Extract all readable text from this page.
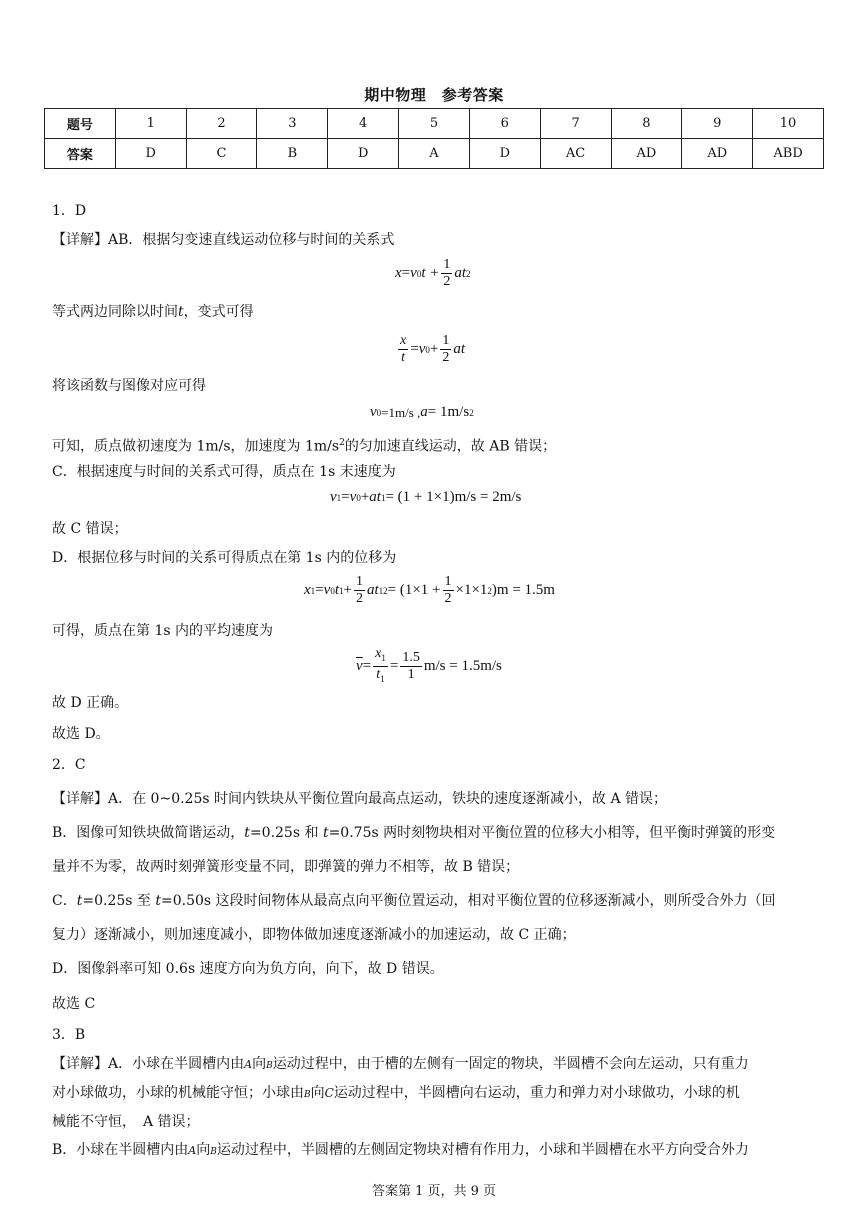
期中物理　参考答案
题号	1	2	3	4	5	6	7	8	9	10
答案	D	C	B	D	A	D	AC	AD	AD	ABD
1．D
【详解】AB．根据匀变速直线运动位移与时间的关系式
x = v 0 $t + \frac{1}{2}$ at 2
等式两边同除以时间t，变式可得
$\frac{x}{t} = v$ $0 + \frac{1}{2}$ at
将该函数与图像对应可得
v 0 =1m/s , a = 1m/s 2
可知，质点做初速度为 1m/s，加速度为 $1m/s^2$的匀加速直线运动，故 AB 错误；
C．根据速度与时间的关系式可得，质点在 1s 末速度为
v 1 = v 0 + a t 1 = (1 + 1×1)m/s = 2m/s
故 C 错误；
D．根据位移与时间的关系可得质点在第 1s 内的位移为
x 1 = v 0 t $1 + \frac{1}{2}$ a t 1 $2 = (1\times 1 + \frac{1}{2} \times 1\times 1$ 2 )m = 1.5m
可得，质点在第 1s 内的平均速度为
$\overline{v} = \frac{x_1}{t_1} = \frac{1.5}{1} m/s = 1.5m/s$
故 D 正确。
故选 D。
2．C
【详解】A．在 0~0.25s 时间内铁块从平衡位置向最高点运动，铁块的速度逐渐减小，故 A 错误；
B．图像可知铁块做简谐运动，t=0.25s 和 t=0.75s 两时刻物块相对平衡位置的位移大小相等，但平衡时弹簧的形变
量并不为零，故两时刻弹簧形变量不同，即弹簧的弹力不相等，故 B 错误；
C．t=0.25s 至 t=0.50s 这段时间物体从最高点向平衡位置运动，相对平衡位置的位移逐渐减小，则所受合外力（回
复力）逐渐减小，则加速度减小，即物体做加速度逐渐减小的加速运动，故 C 正确；
D．图像斜率可知 0.6s 速度方向为负方向，向下，故 D 错误。
故选 C
3．B
【详解】A．小球在半圆槽内由A向B运动过程中，由于槽的左侧有一固定的物块，半圆槽不会向左运动，只有重力
对小球做功，小球的机械能守恒；小球由B向C运动过程中，半圆槽向右运动，重力和弹力对小球做功，小球的机
械能不守恒，　A 错误；
B．小球在半圆槽内由A向B运动过程中，半圆槽的左侧固定物块对槽有作用力，小球和半圆槽在水平方向受合外力
答案第 1 页，共 9 页
